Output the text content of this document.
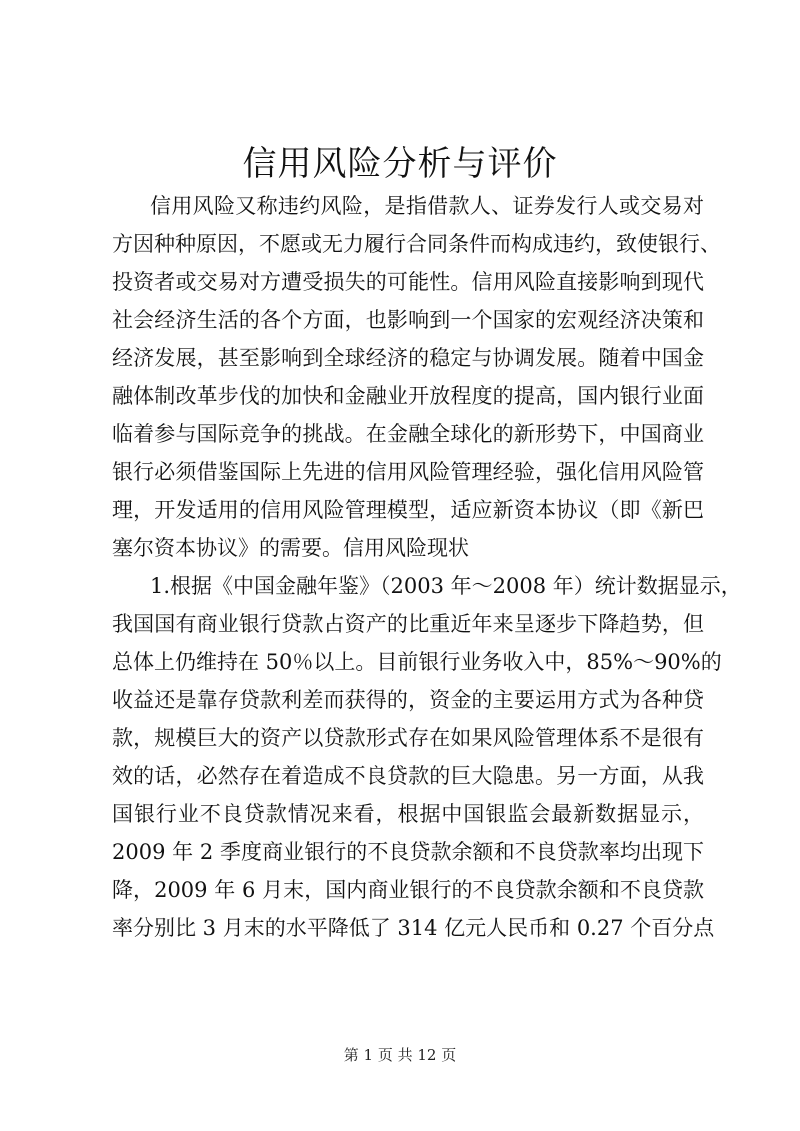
信用风险分析与评价

信用风险又称违约风险，是指借款人、证券发行人或交易对

方因种种原因，不愿或无力履行合同条件而构成违约，致使银行、

投资者或交易对方遭受损失的可能性。信用风险直接影响到现代

社会经济生活的各个方面，也影响到一个国家的宏观经济决策和

经济发展，甚至影响到全球经济的稳定与协调发展。随着中国金

融体制改革步伐的加快和金融业开放程度的提高，国内银行业面

临着参与国际竞争的挑战。在金融全球化的新形势下，中国商业

银行必须借鉴国际上先进的信用风险管理经验，强化信用风险管

理，开发适用的信用风险管理模型，适应新资本协议（即《新巴

塞尔资本协议》的需要。信用风险现状

1.根据《中国金融年鉴》（2003 年～2008 年）统计数据显示，

我国国有商业银行贷款占资产的比重近年来呈逐步下降趋势，但

总体上仍维持在 50％以上。目前银行业务收入中，85%～90%的

收益还是靠存贷款利差而获得的，资金的主要运用方式为各种贷

款，规模巨大的资产以贷款形式存在如果风险管理体系不是很有

效的话，必然存在着造成不良贷款的巨大隐患。另一方面，从我

国银行业不良贷款情况来看，根据中国银监会最新数据显示，

2009 年 2 季度商业银行的不良贷款余额和不良贷款率均出现下

降，2009 年 6 月末，国内商业银行的不良贷款余额和不良贷款

率分别比 3 月末的水平降低了 314 亿元人民币和 0.27 个百分点

第 1 页 共 12 页
